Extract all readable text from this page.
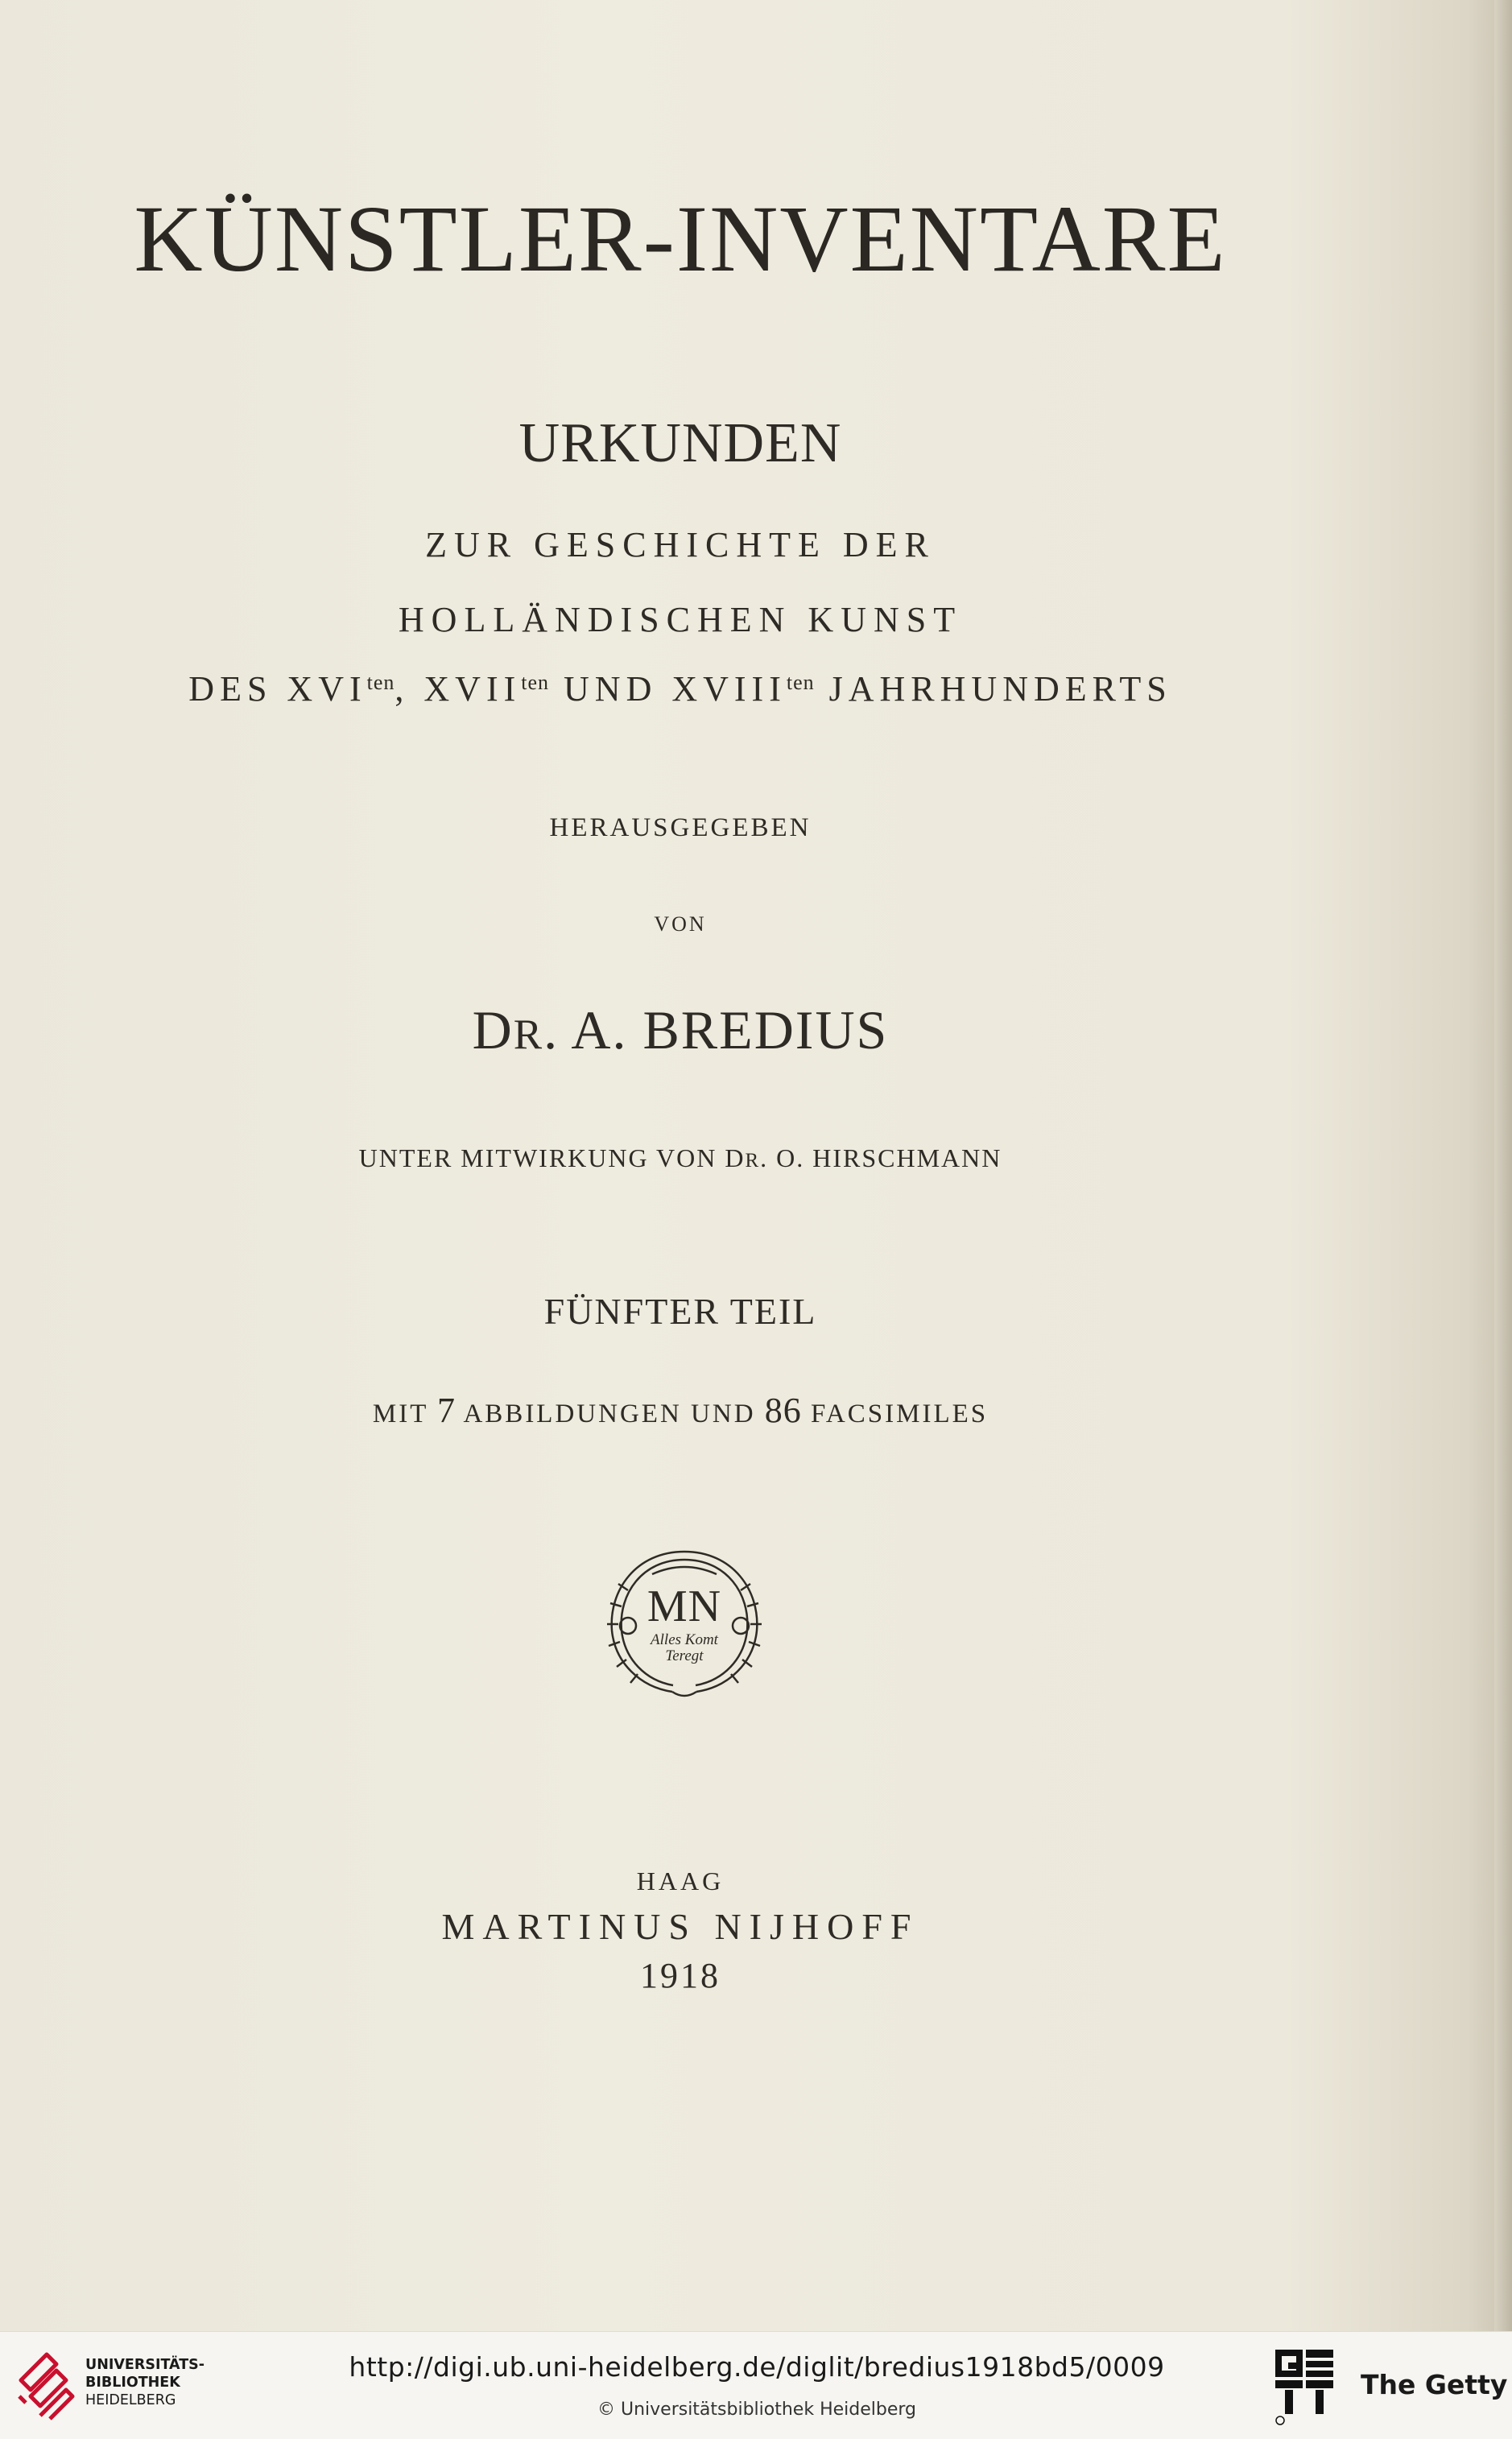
KÜNSTLER-INVENTARE
URKUNDEN
ZUR GESCHICHTE DER
HOLLÄNDISCHEN KUNST
DES $XVI^{ten}$, $XVII^{ten}$ UND $XVIII^{ten}$ JAHRHUNDERTS
HERAUSGEGEBEN
VON
DR. A. BREDIUS
UNTER MITWIRKUNG VON DR. O. HIRSCHMANN
FÜNFTER TEIL
MIT 7 ABBILDUNGEN UND 86 FACSIMILES
MN
Alles Komt
Teregt
HAAG
MARTINUS NIJHOFF
1918
UNIVERSITÄTS-
BIBLIOTHEK
HEIDELBERG
http://digi.ub.uni-heidelberg.de/diglit/bredius1918bd5/0009
© Universitätsbibliothek Heidelberg
The Getty
